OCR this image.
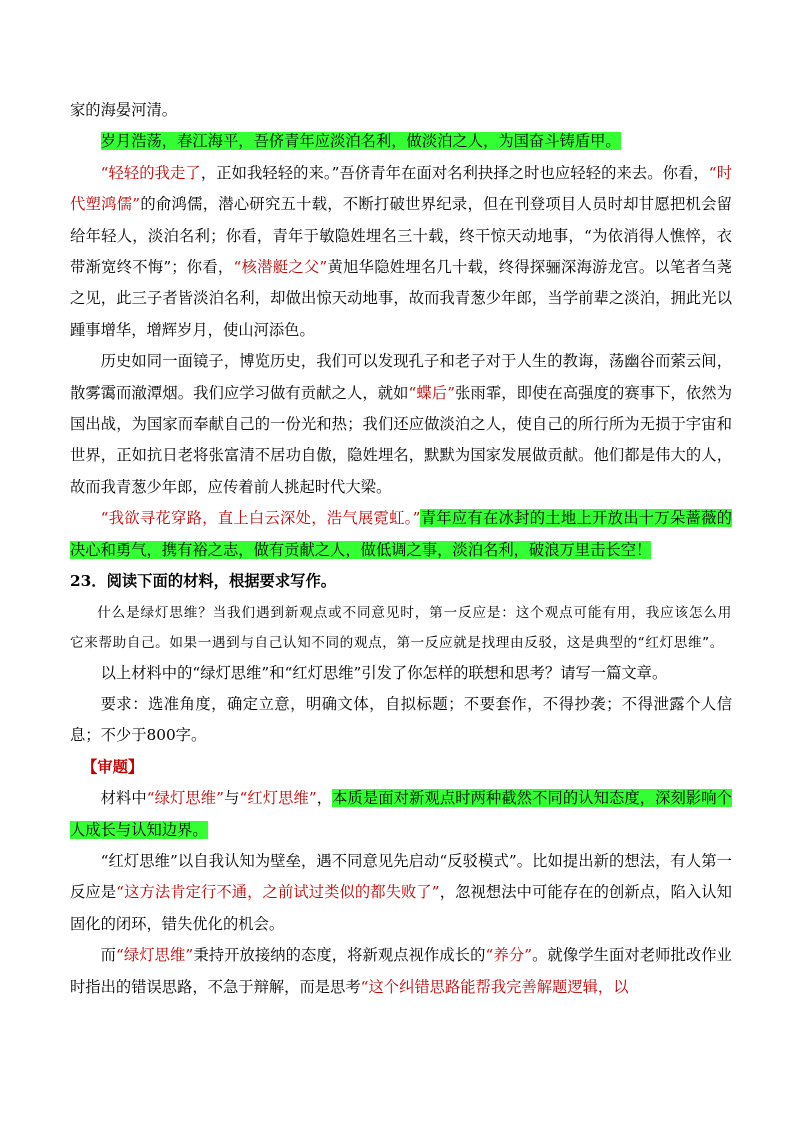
家的海晏河清。

岁月浩荡，春江海平，吾侪青年应淡泊名利，做淡泊之人，为国奋斗铸盾甲。

“轻轻的我走了，正如我轻轻的来。”吾侪青年在面对名利抉择之时也应轻轻的来去。你看，“时代塑鸿儒”的俞鸿儒，潜心研究五十载，不断打破世界纪录，但在刊登项目人员时却甘愿把机会留给年轻人，淡泊名利；你看，青年于敏隐姓埋名三十载，终干惊天动地事，“为依消得人憔悴，衣带渐宽终不悔”；你看，“核潜艇之父”黄旭华隐姓埋名几十载，终得探骊深海游龙宫。以笔者刍荛之见，此三子者皆淡泊名利，却做出惊天动地事，故而我青葱少年郎，当学前辈之淡泊，拥此光以踵事增华，增辉岁月，使山河添色。

历史如同一面镜子，博览历史，我们可以发现孔子和老子对于人生的教诲，荡幽谷而萦云间，散雾霭而澈潭烟。我们应学习做有贡献之人，就如“蝶后”张雨霏，即使在高强度的赛事下，依然为国出战，为国家而奉献自己的一份光和热；我们还应做淡泊之人，使自己的所行所为无损于宇宙和世界，正如抗日老将张富清不居功自傲，隐姓埋名，默默为国家发展做贡献。他们都是伟大的人，故而我青葱少年郎，应传着前人挑起时代大梁。

“我欲寻花穿路，直上白云深处，浩气展霓虹。”青年应有在冰封的土地上开放出十万朵蔷薇的决心和勇气，携有裕之志，做有贡献之人，做低调之事，淡泊名利，破浪万里击长空！

23．阅读下面的材料，根据要求写作。

什么是绿灯思维？当我们遇到新观点或不同意见时，第一反应是：这个观点可能有用，我应该怎么用它来帮助自己。如果一遇到与自己认知不同的观点，第一反应就是找理由反驳，这是典型的“红灯思维”。

以上材料中的“绿灯思维”和“红灯思维”引发了你怎样的联想和思考？请写一篇文章。

要求：选准角度，确定立意，明确文体，自拟标题；不要套作，不得抄袭；不得泄露个人信息；不少于800字。

【审题】

材料中“绿灯思维”与“红灯思维”，本质是面对新观点时两种截然不同的认知态度，深刻影响个人成长与认知边界。

“红灯思维”以自我认知为壁垒，遇不同意见先启动“反驳模式”。比如提出新的想法，有人第一反应是“这方法肯定行不通，之前试过类似的都失败了”，忽视想法中可能存在的创新点，陷入认知固化的闭环，错失优化的机会。

而“绿灯思维”秉持开放接纳的态度，将新观点视作成长的“养分”。就像学生面对老师批改作业时指出的错误思路，不急于辩解，而是思考“这个纠错思路能帮我完善解题逻辑，以
